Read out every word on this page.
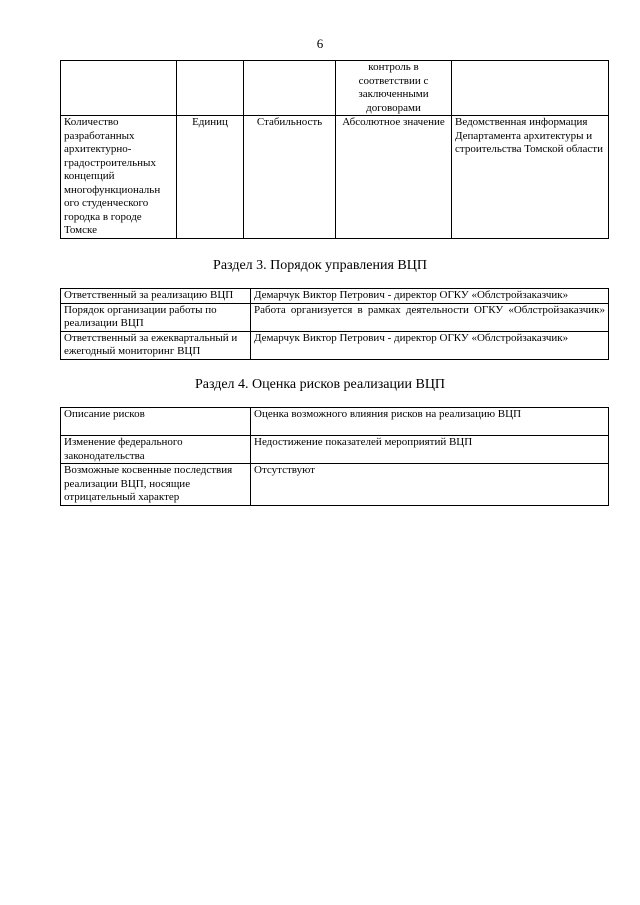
6
			контроль в соответствии с заключенными договорами	
Количество разработанных архитектурно-градостроительных концепций многофункциональн ого студенческого городка в городе Томске	Единиц	Стабильность	Абсолютное значение	Ведомственная информация Департамента архитектуры и строительства Томской области
Раздел 3. Порядок управления ВЦП
Ответственный за реализацию ВЦП	Демарчук Виктор Петрович - директор ОГКУ «Облстройзаказчик»
Порядок организации работы по реализации ВЦП	Работа организуется в рамках деятельности ОГКУ «Облстройзаказчик»
Ответственный за ежеквартальный и ежегодный мониторинг ВЦП	Демарчук Виктор Петрович - директор ОГКУ «Облстройзаказчик»
Раздел 4. Оценка рисков реализации ВЦП
Описание рисков	Оценка возможного влияния рисков на реализацию ВЦП
Изменение федерального законодательства	Недостижение показателей мероприятий ВЦП
Возможные косвенные последствия реализации ВЦП, носящие отрицательный характер	Отсутствуют
